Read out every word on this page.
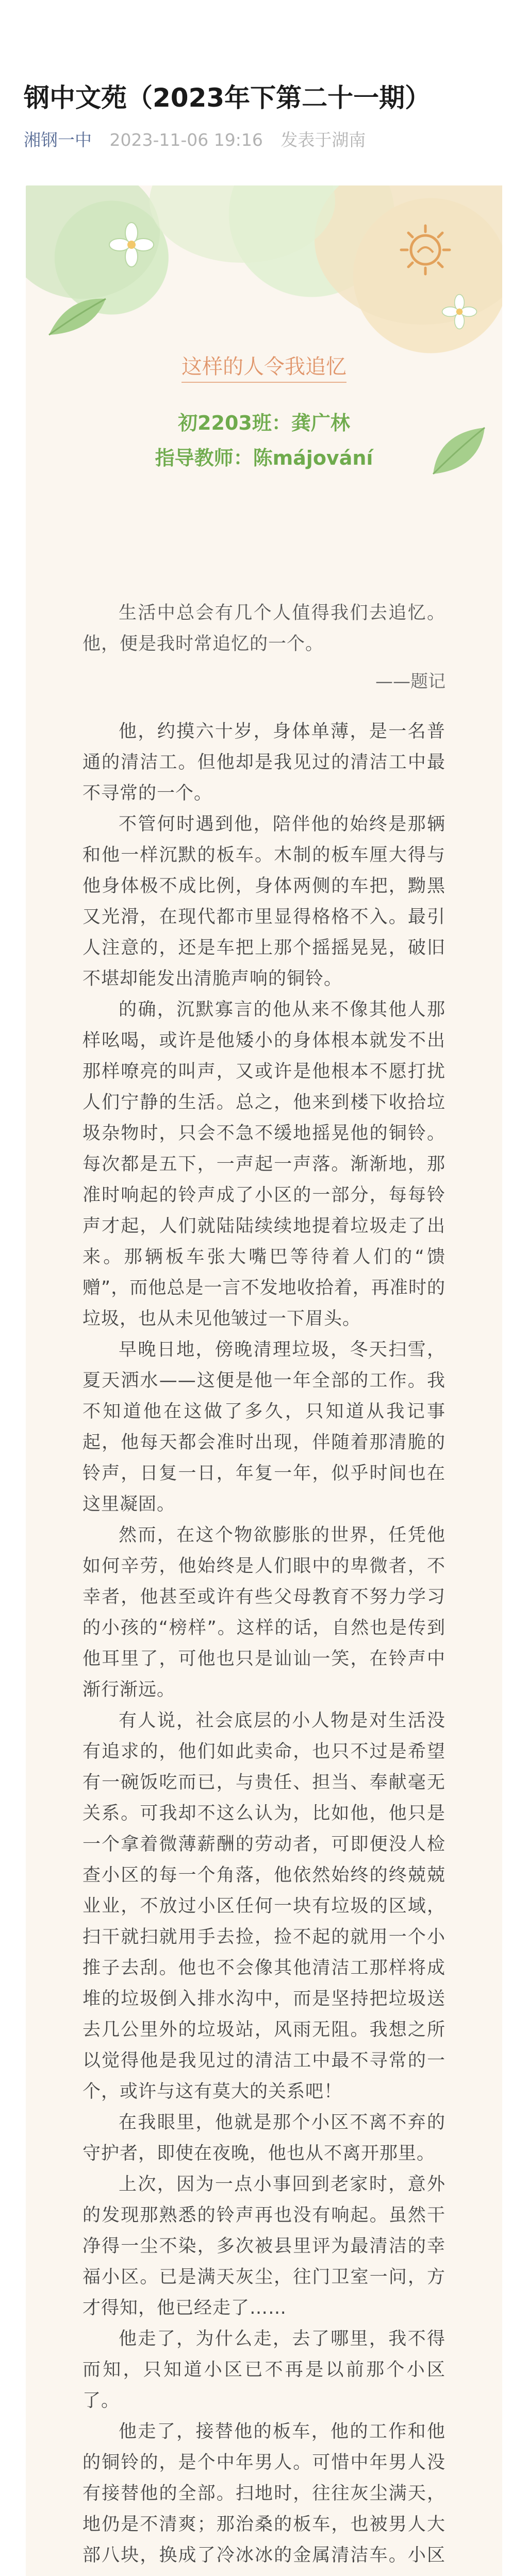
钢中文苑（2023年下第二十一期）
湘钢一中 2023-11-06 19:16 发表于湖南
这样的人令我追忆
初2203班：龚广林
指导教师：陈májování

生活中总会有几个人值得我们去追忆。他，便是我时常追忆的一个。

——题记

他，约摸六十岁，身体单薄，是一名普通的清洁工。但他却是我见过的清洁工中最不寻常的一个。

不管何时遇到他，陪伴他的始终是那辆和他一样沉默的板车。木制的板车厘大得与他身体极不成比例，身体两侧的车把，黝黑又光滑，在现代都市里显得格格不入。最引人注意的，还是车把上那个摇摇晃晃，破旧不堪却能发出清脆声响的铜铃。

的确，沉默寡言的他从来不像其他人那样吆喝，或许是他矮小的身体根本就发不出那样嘹亮的叫声，又或许是他根本不愿打扰人们宁静的生活。总之，他来到楼下收拾垃圾杂物时，只会不急不缓地摇晃他的铜铃。每次都是五下，一声起一声落。渐渐地，那准时响起的铃声成了小区的一部分，每每铃声才起，人们就陆陆续续地提着垃圾走了出来。那辆板车张大嘴巴等待着人们的“馈赠”，而他总是一言不发地收拾着，再准时的垃圾，也从未见他皱过一下眉头。

早晚日地，傍晚清理垃圾，冬天扫雪，夏天洒水——这便是他一年全部的工作。我不知道他在这做了多久，只知道从我记事起，他每天都会准时出现，伴随着那清脆的铃声，日复一日，年复一年，似乎时间也在这里凝固。

然而，在这个物欲膨胀的世界，任凭他如何辛劳，他始终是人们眼中的卑微者，不幸者，他甚至或许有些父母教育不努力学习的小孩的“榜样”。这样的话，自然也是传到他耳里了，可他也只是讪讪一笑，在铃声中渐行渐远。

有人说，社会底层的小人物是对生活没有追求的，他们如此卖命，也只不过是希望有一碗饭吃而已，与贵任、担当、奉献毫无关系。可我却不这么认为，比如他，他只是一个拿着微薄薪酬的劳动者，可即便没人检查小区的每一个角落，他依然始终的终兢兢业业，不放过小区任何一块有垃圾的区域，扫干就扫就用手去捡，捡不起的就用一个小推子去刮。他也不会像其他清洁工那样将成堆的垃圾倒入排水沟中，而是坚持把垃圾送去几公里外的垃圾站，风雨无阻。我想之所以觉得他是我见过的清洁工中最不寻常的一个，或许与这有莫大的关系吧！

在我眼里，他就是那个小区不离不弃的守护者，即使在夜晚，他也从不离开那里。

上次，因为一点小事回到老家时，意外的发现那熟悉的铃声再也没有响起。虽然干净得一尘不染，多次被县里评为最清洁的幸福小区。已是满天灰尘，往门卫室一问，方才得知，他已经走了……

他走了，为什么走，去了哪里，我不得而知，只知道小区已不再是以前那个小区了。

他走了，接替他的板车，他的工作和他的铜铃的，是个中年男人。可惜中年男人没有接替他的全部。扫地时，往往灰尘满天，地仍是不清爽；那治桑的板车，也被男人大部八块，换成了冷冰冰的金属清洁车。小区
